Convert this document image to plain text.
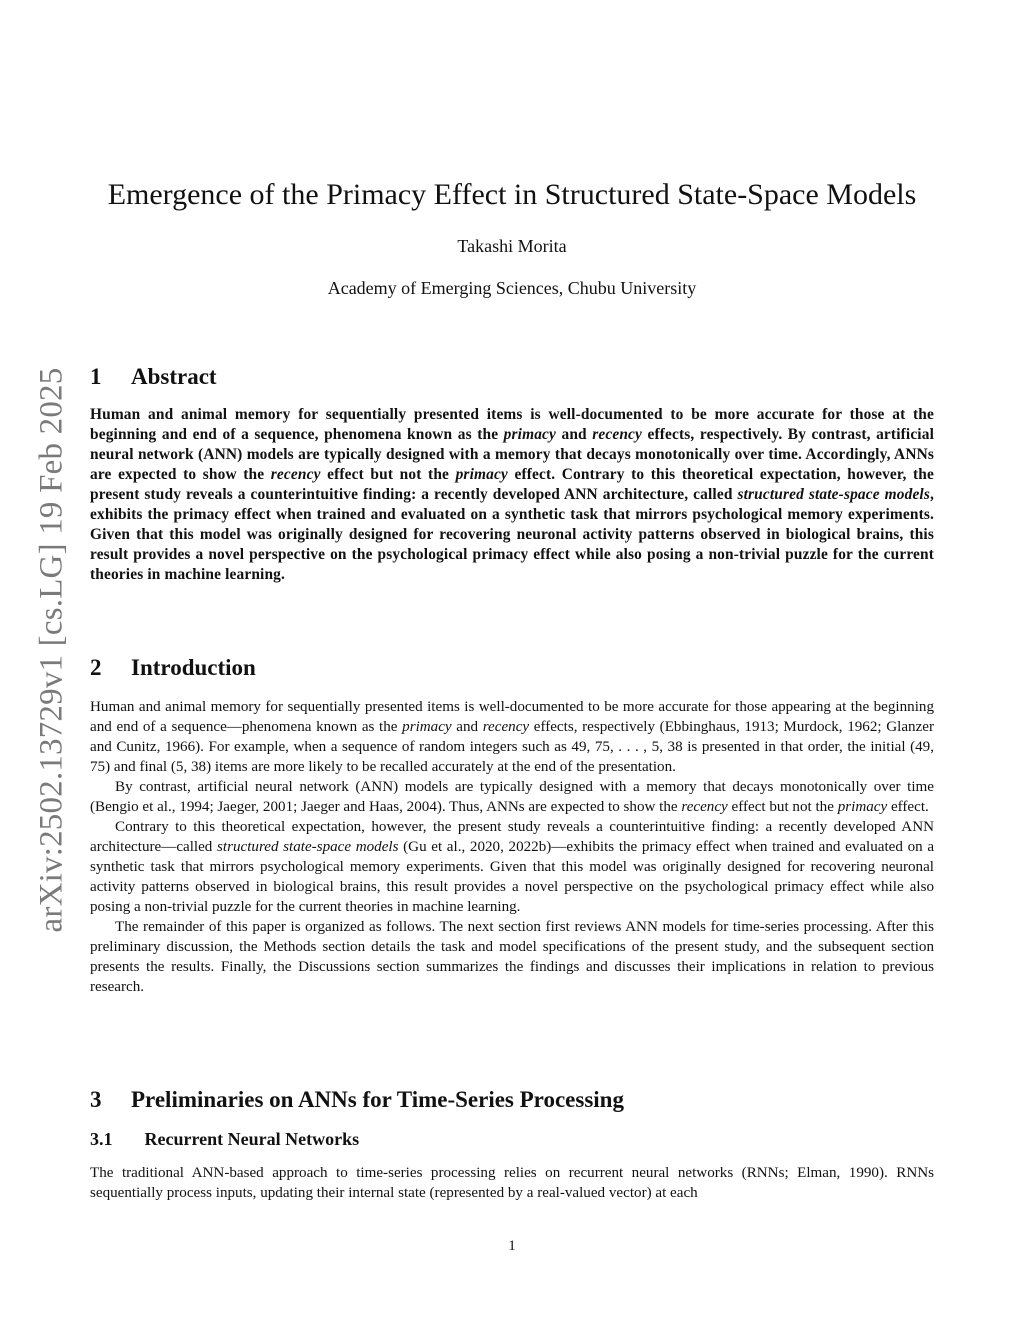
arXiv:2502.13729v1 [cs.LG] 19 Feb 2025
Emergence of the Primacy Effect in Structured State-Space Models
Takashi Morita
Academy of Emerging Sciences, Chubu University
1	Abstract

Human and animal memory for sequentially presented items is well-documented to be more accurate for those at the beginning and end of a sequence, phenomena known as the primacy and recency effects, respectively. By contrast, artificial neural network (ANN) models are typically designed with a memory that decays monotonically over time. Accordingly, ANNs are expected to show the recency effect but not the primacy effect. Contrary to this theoretical expectation, however, the present study reveals a counterintuitive finding: a recently developed ANN architecture, called structured state-space models, exhibits the primacy effect when trained and evaluated on a synthetic task that mirrors psychological memory experiments. Given that this model was originally designed for recovering neuronal activity patterns observed in biological brains, this result provides a novel perspective on the psychological primacy effect while also posing a non-trivial puzzle for the current theories in machine learning.

2	Introduction

Human and animal memory for sequentially presented items is well-documented to be more accurate for those appearing at the beginning and end of a sequence—phenomena known as the primacy and recency effects, respectively (Ebbinghaus, 1913; Murdock, 1962; Glanzer and Cunitz, 1966). For example, when a sequence of random integers such as 49, 75, . . . , 5, 38 is presented in that order, the initial (49, 75) and final (5, 38) items are more likely to be recalled accurately at the end of the presentation.

By contrast, artificial neural network (ANN) models are typically designed with a memory that decays monotonically over time (Bengio et al., 1994; Jaeger, 2001; Jaeger and Haas, 2004). Thus, ANNs are expected to show the recency effect but not the primacy effect.

Contrary to this theoretical expectation, however, the present study reveals a counterintuitive finding: a recently developed ANN architecture—called structured state-space models (Gu et al., 2020, 2022b)—exhibits the primacy effect when trained and evaluated on a synthetic task that mirrors psychological memory experiments. Given that this model was originally designed for recovering neuronal activity patterns observed in biological brains, this result provides a novel perspective on the psychological primacy effect while also posing a non-trivial puzzle for the current theories in machine learning.

The remainder of this paper is organized as follows. The next section first reviews ANN models for time-series processing. After this preliminary discussion, the Methods section details the task and model specifications of the present study, and the subsequent section presents the results. Finally, the Discussions section summarizes the findings and discusses their implications in relation to previous research.

3	Preliminaries on ANNs for Time-Series Processing
3.1 Recurrent Neural Networks

The traditional ANN-based approach to time-series processing relies on recurrent neural networks (RNNs; Elman, 1990). RNNs sequentially process inputs, updating their internal state (represented by a real-valued vector) at each

1
